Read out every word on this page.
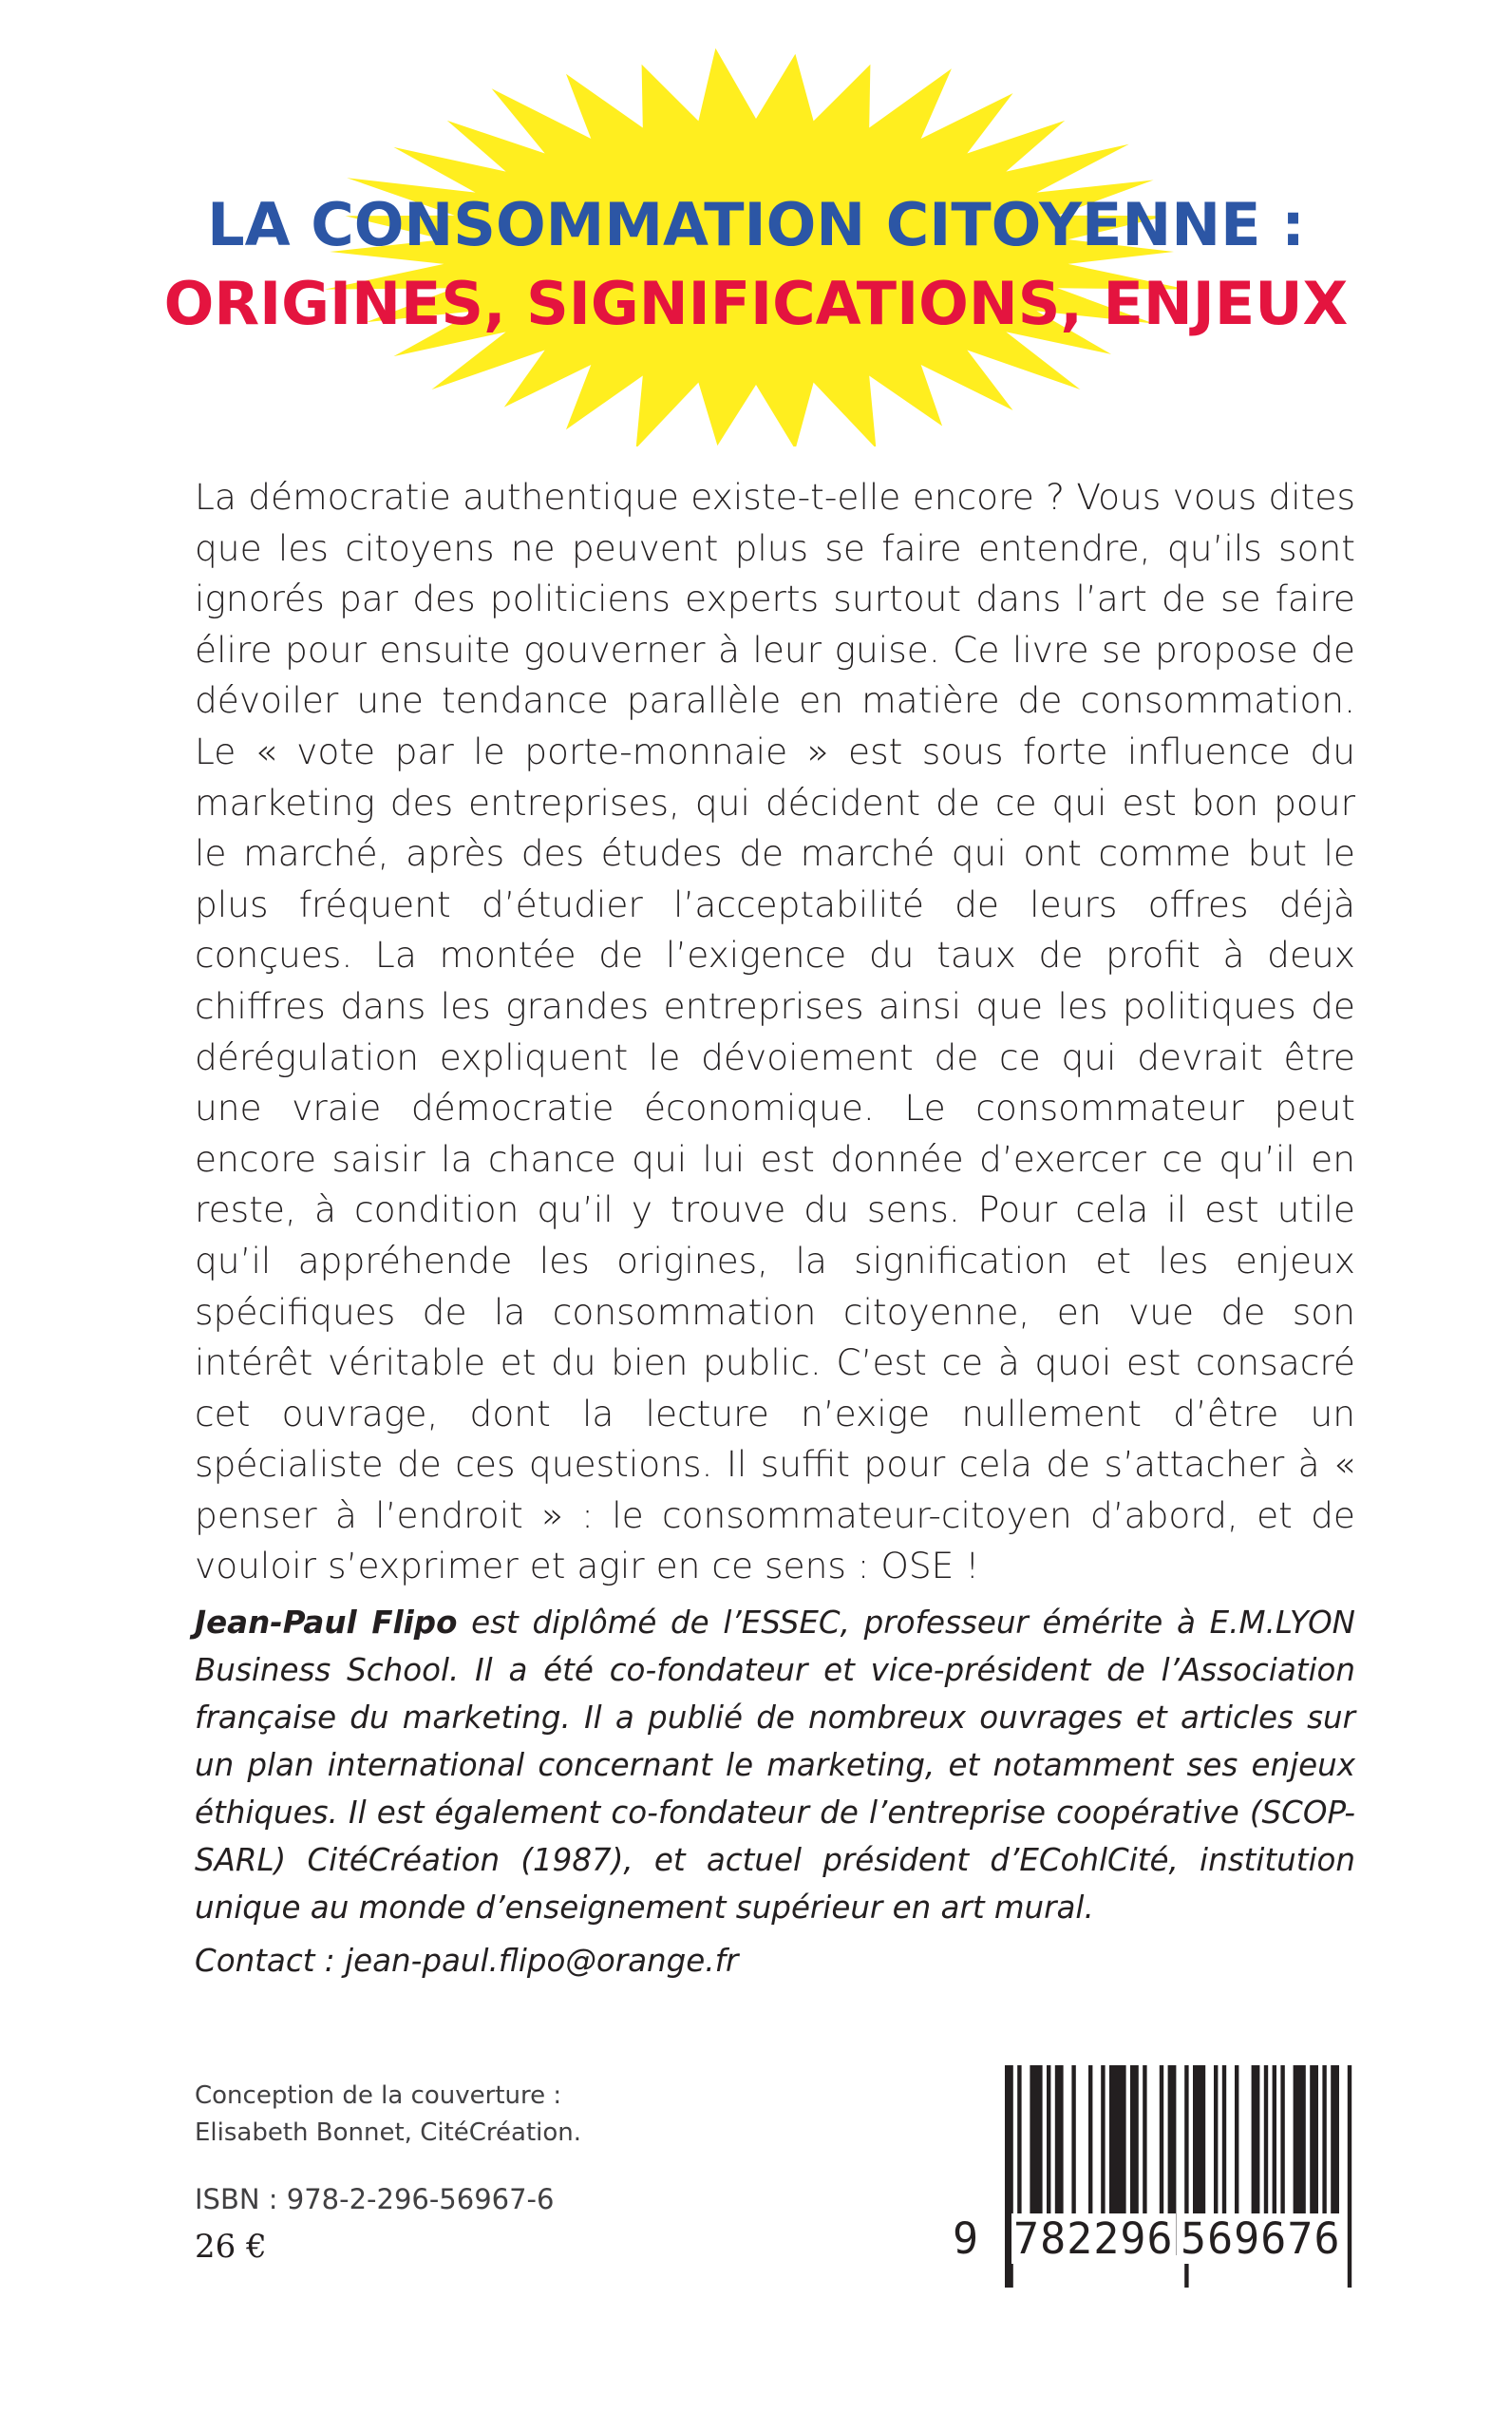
LA CONSOMMATION CITOYENNE :
ORIGINES, SIGNIFICATIONS, ENJEUX

La démocratie authentique existe-t-elle encore ? Vous vous dites que les citoyens ne peuvent plus se faire entendre, qu’ils sont ignorés par des politiciens experts surtout dans l’art de se faire élire pour ensuite gouverner à leur guise. Ce livre se propose de dévoiler une tendance parallèle en matière de consommation. Le « vote par le porte-monnaie » est sous forte influence du marketing des entreprises, qui décident de ce qui est bon pour le marché, après des études de marché qui ont comme but le plus fréquent d’étudier l’acceptabilité de leurs offres déjà conçues. La montée de l’exigence du taux de profit à deux chiffres dans les grandes entreprises ainsi que les politiques de dérégulation expliquent le dévoiement de ce qui devrait être une vraie démocratie économique. Le consommateur peut encore saisir la chance qui lui est donnée d’exercer ce qu’il en reste, à condition qu’il y trouve du sens. Pour cela il est utile qu’il appréhende les origines, la signification et les enjeux spécifiques de la consommation citoyenne, en vue de son intérêt véritable et du bien public. C’est ce à quoi est consacré cet ouvrage, dont la lecture n’exige nullement d’être un spécialiste de ces questions. Il suffit pour cela de s’attacher à « penser à l’endroit » : le consommateur-citoyen d’abord, et de vouloir s’exprimer et agir en ce sens : OSE !

Jean-Paul Flipo est diplômé de l’ESSEC, professeur émérite à E.M.LYON Business School. Il a été co-fondateur et vice-président de l’Association française du marketing. Il a publié de nombreux ouvrages et articles sur un plan international concernant le marketing, et notamment ses enjeux éthiques. Il est également co-fondateur de l’entreprise coopérative (SCOP-SARL) CitéCréation (1987), et actuel président d’ECohlCité, institution unique au monde d’enseignement supérieur en art mural.

Contact : jean-paul.flipo@orange.fr

Conception de la couverture :

Elisabeth Bonnet, CitéCréation.

ISBN : 978-2-296-56967-6

26 €	9 782296 569676
